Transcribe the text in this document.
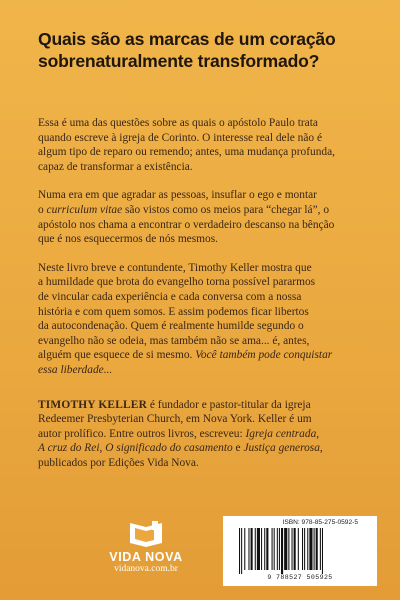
Quais são as marcas de um coração
sobrenaturalmente transformado?

Essa é uma das questões sobre as quais o apóstolo Paulo trata
quando escreve à igreja de Corinto. O interesse real dele não é
algum tipo de reparo ou remendo; antes, uma mudança profunda,
capaz de transformar a existência.

Numa era em que agradar as pessoas, insuflar o ego e montar
o curriculum vitae são vistos como os meios para “chegar lá”, o
apóstolo nos chama a encontrar o verdadeiro descanso na bênção
que é nos esquecermos de nós mesmos.

Neste livro breve e contundente, Timothy Keller mostra que
a humildade que brota do evangelho torna possível pararmos
de vincular cada experiência e cada conversa com a nossa
história e com quem somos. E assim podemos ficar libertos
da autocondenação. Quem é realmente humilde segundo o
evangelho não se odeia, mas também não se ama... é, antes,
alguém que esquece de si mesmo. Você também pode conquistar
essa liberdade...

TIMOTHY KELLER é fundador e pastor-titular da igreja
Redeemer Presbyterian Church, em Nova York. Keller é um
autor prolífico. Entre outros livros, escreveu: Igreja centrada,
A cruz do Rei, O significado do casamento e Justiça generosa,
publicados por Edições Vida Nova.

VIDA NOVA
vidanova.com.br
ISBN: 978-85-275-0592-5
9 788527 505925
